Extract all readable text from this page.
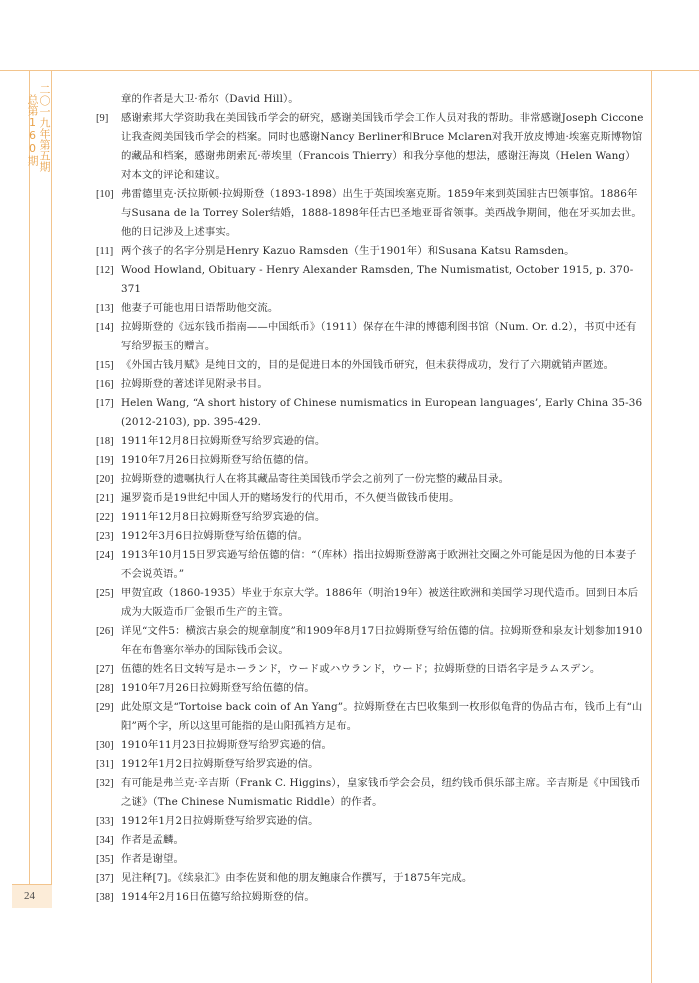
二〇一九年第五期
总第160期
24

章的作者是大卫·希尔（David Hill）。

[9] 感谢索邦大学资助我在美国钱币学会的研究，感谢美国钱币学会工作人员对我的帮助。非常感谢Joseph Ciccone让我查阅美国钱币学会的档案。同时也感谢Nancy Berliner和Bruce Mclaren对我开放皮博迪·埃塞克斯博物馆的藏品和档案，感谢弗朗索瓦·蒂埃里（Francois Thierry）和我分享他的想法，感谢汪海岚（Helen Wang）对本文的评论和建议。

[10] 弗雷德里克·沃拉斯顿·拉姆斯登（1893-1898）出生于英国埃塞克斯。1859年来到英国驻古巴领事馆。1886年与Susana de la Torrey Soler结婚，1888-1898年任古巴圣地亚哥省领事。美西战争期间，他在牙买加去世。他的日记涉及上述事实。

[11] 两个孩子的名字分别是Henry Kazuo Ramsden（生于1901年）和Susana Katsu Ramsden。

[12] Wood Howland, Obituary - Henry Alexander Ramsden, The Numismatist, October 1915, p. 370-371

[13] 他妻子可能也用日语帮助他交流。

[14] 拉姆斯登的《远东钱币指南——中国纸币》（1911）保存在牛津的博德利图书馆（Num. Or. d.2），书页中还有写给罗振玉的赠言。

[15] 《外国古钱月赋》是纯日文的，目的是促进日本的外国钱币研究，但未获得成功，发行了六期就销声匿迹。

[16] 拉姆斯登的著述详见附录书目。

[17] Helen Wang, “A short history of Chinese numismatics in European languages’, Early China 35-36 (2012-2103), pp. 395-429.

[18] 1911年12月8日拉姆斯登写给罗宾逊的信。

[19] 1910年7月26日拉姆斯登写给伍德的信。

[20] 拉姆斯登的遗嘱执行人在将其藏品寄往美国钱币学会之前列了一份完整的藏品目录。

[21] 暹罗瓷币是19世纪中国人开的赌场发行的代用币，不久便当做钱币使用。

[22] 1911年12月8日拉姆斯登写给罗宾逊的信。

[23] 1912年3月6日拉姆斯登写给伍德的信。

[24] 1913年10月15日罗宾逊写给伍德的信：“（库林）指出拉姆斯登游离于欧洲社交圈之外可能是因为他的日本妻子不会说英语。”

[25] 甲贺宜政（1860-1935）毕业于东京大学。1886年（明治19年）被送往欧洲和美国学习现代造币。回到日本后成为大阪造币厂金银币生产的主管。

[26] 详见“文件5：横滨古泉会的规章制度”和1909年8月17日拉姆斯登写给伍德的信。拉姆斯登和泉友计划参加1910年在布鲁塞尔举办的国际钱币会议。

[27] 伍德的姓名日文转写是ホーランド，ウード或ハウランド，ウード；拉姆斯登的日语名字是ラムスデン。

[28] 1910年7月26日拉姆斯登写给伍德的信。

[29] 此处原文是“Tortoise back coin of An Yang”。拉姆斯登在古巴收集到一枚形似龟背的伪品古布，钱币上有“山阳”两个字，所以这里可能指的是山阳孤裆方足布。

[30] 1910年11月23日拉姆斯登写给罗宾逊的信。

[31] 1912年1月2日拉姆斯登写给罗宾逊的信。

[32] 有可能是弗兰克·辛吉斯（Frank C. Higgins），皇家钱币学会会员，纽约钱币俱乐部主席。辛吉斯是《中国钱币之谜》（The Chinese Numismatic Riddle）的作者。

[33] 1912年1月2日拉姆斯登写给罗宾逊的信。

[34] 作者是孟麟。

[35] 作者是谢望。

[37] 见注释[7]。《续泉汇》由李佐贤和他的朋友鲍康合作撰写，于1875年完成。

[38] 1914年2月16日伍德写给拉姆斯登的信。
